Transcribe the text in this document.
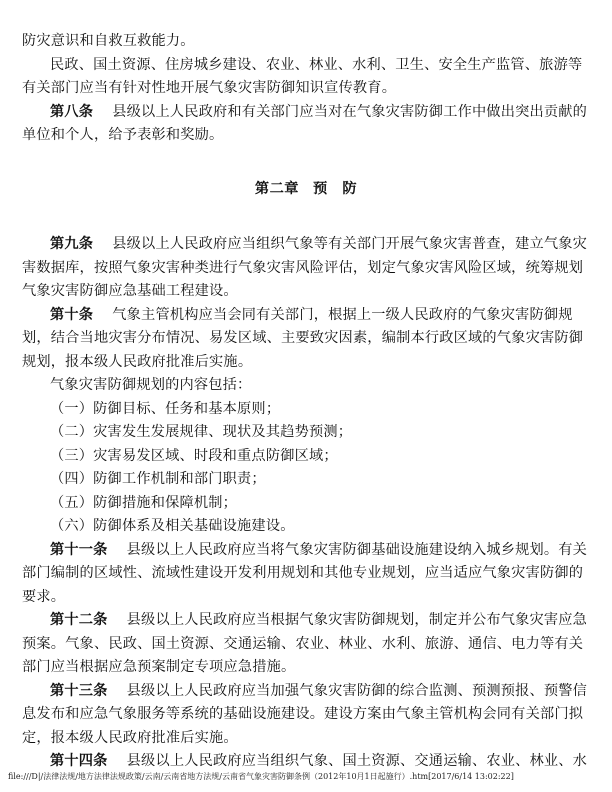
防灾意识和自救互救能力。

民政、国土资源、住房城乡建设、农业、林业、水利、卫生、安全生产监管、旅游等有关部门应当有针对性地开展气象灾害防御知识宣传教育。

第八条 　 县级以上人民政府和有关部门应当对在气象灾害防御工作中做出突出贡献的单位和个人，给予表彰和奖励。

第二章 预　防

第九条 　 县级以上人民政府应当组织气象等有关部门开展气象灾害普查，建立气象灾害数据库，按照气象灾害种类进行气象灾害风险评估，划定气象灾害风险区域，统筹规划气象灾害防御应急基础工程建设。

第十条 　 气象主管机构应当会同有关部门，根据上一级人民政府的气象灾害防御规划，结合当地灾害分布情况、易发区域、主要致灾因素，编制本行政区域的气象灾害防御规划，报本级人民政府批准后实施。

气象灾害防御规划的内容包括：

（一）防御目标、任务和基本原则；

（二）灾害发生发展规律、现状及其趋势预测；

（三）灾害易发区域、时段和重点防御区域；

（四）防御工作机制和部门职责；

（五）防御措施和保障机制；

（六）防御体系及相关基础设施建设。

第十一条 　 县级以上人民政府应当将气象灾害防御基础设施建设纳入城乡规划。有关部门编制的区域性、流域性建设开发利用规划和其他专业规划，应当适应气象灾害防御的要求。

第十二条 　 县级以上人民政府应当根据气象灾害防御规划，制定并公布气象灾害应急预案。气象、民政、国土资源、交通运输、农业、林业、水利、旅游、通信、电力等有关部门应当根据应急预案制定专项应急措施。

第十三条 　 县级以上人民政府应当加强气象灾害防御的综合监测、预测预报、预警信息发布和应急气象服务等系统的基础设施建设。建设方案由气象主管机构会同有关部门拟定，报本级人民政府批准后实施。

第十四条 　 县级以上人民政府应当组织气象、国土资源、交通运输、农业、林业、水

file:///D|/法律法规/地方法律法规政策/云南/云南省地方法规/云南省气象灾害防御条例（2012年10月1日起施行）.htm[2017/6/14 13:02:22]
